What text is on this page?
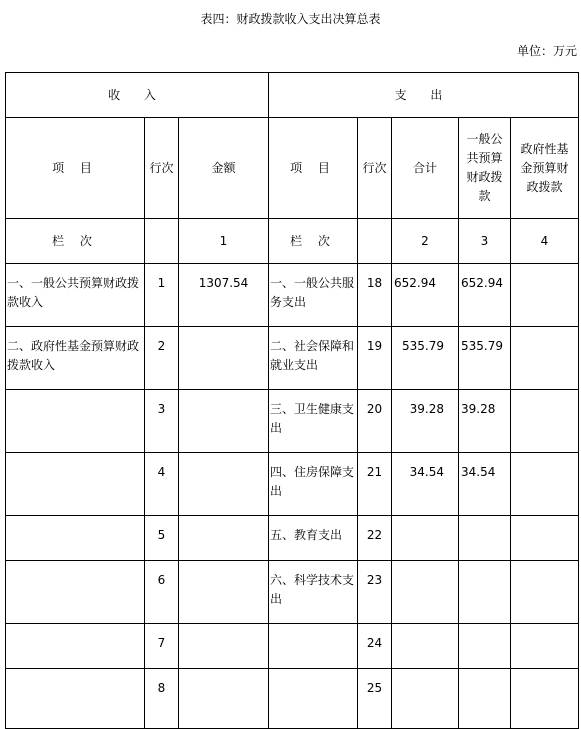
表四：财政拨款收入支出决算总表
单位：万元
收 入			支 出				
项 目	行次	金额	项 目	行次	合计	一般公共预算财政拨款	政府性基金预算财政拨款
栏 次		1	栏 次		2	3	4
一、一般公共预算财政拨款收入	1	1307.54	一、一般公共服务支出	18	652.94	652.94	
二、政府性基金预算财政拨款收入	2		二、社会保障和就业支出	19	535.79	535.79	
	3		三、卫生健康支出	20	39.28	39.28	
	4		四、住房保障支出	21	34.54	34.54	
	5		五、教育支出	22			
	6		六、科学技术支出	23			
	7			24			
	8			25			
